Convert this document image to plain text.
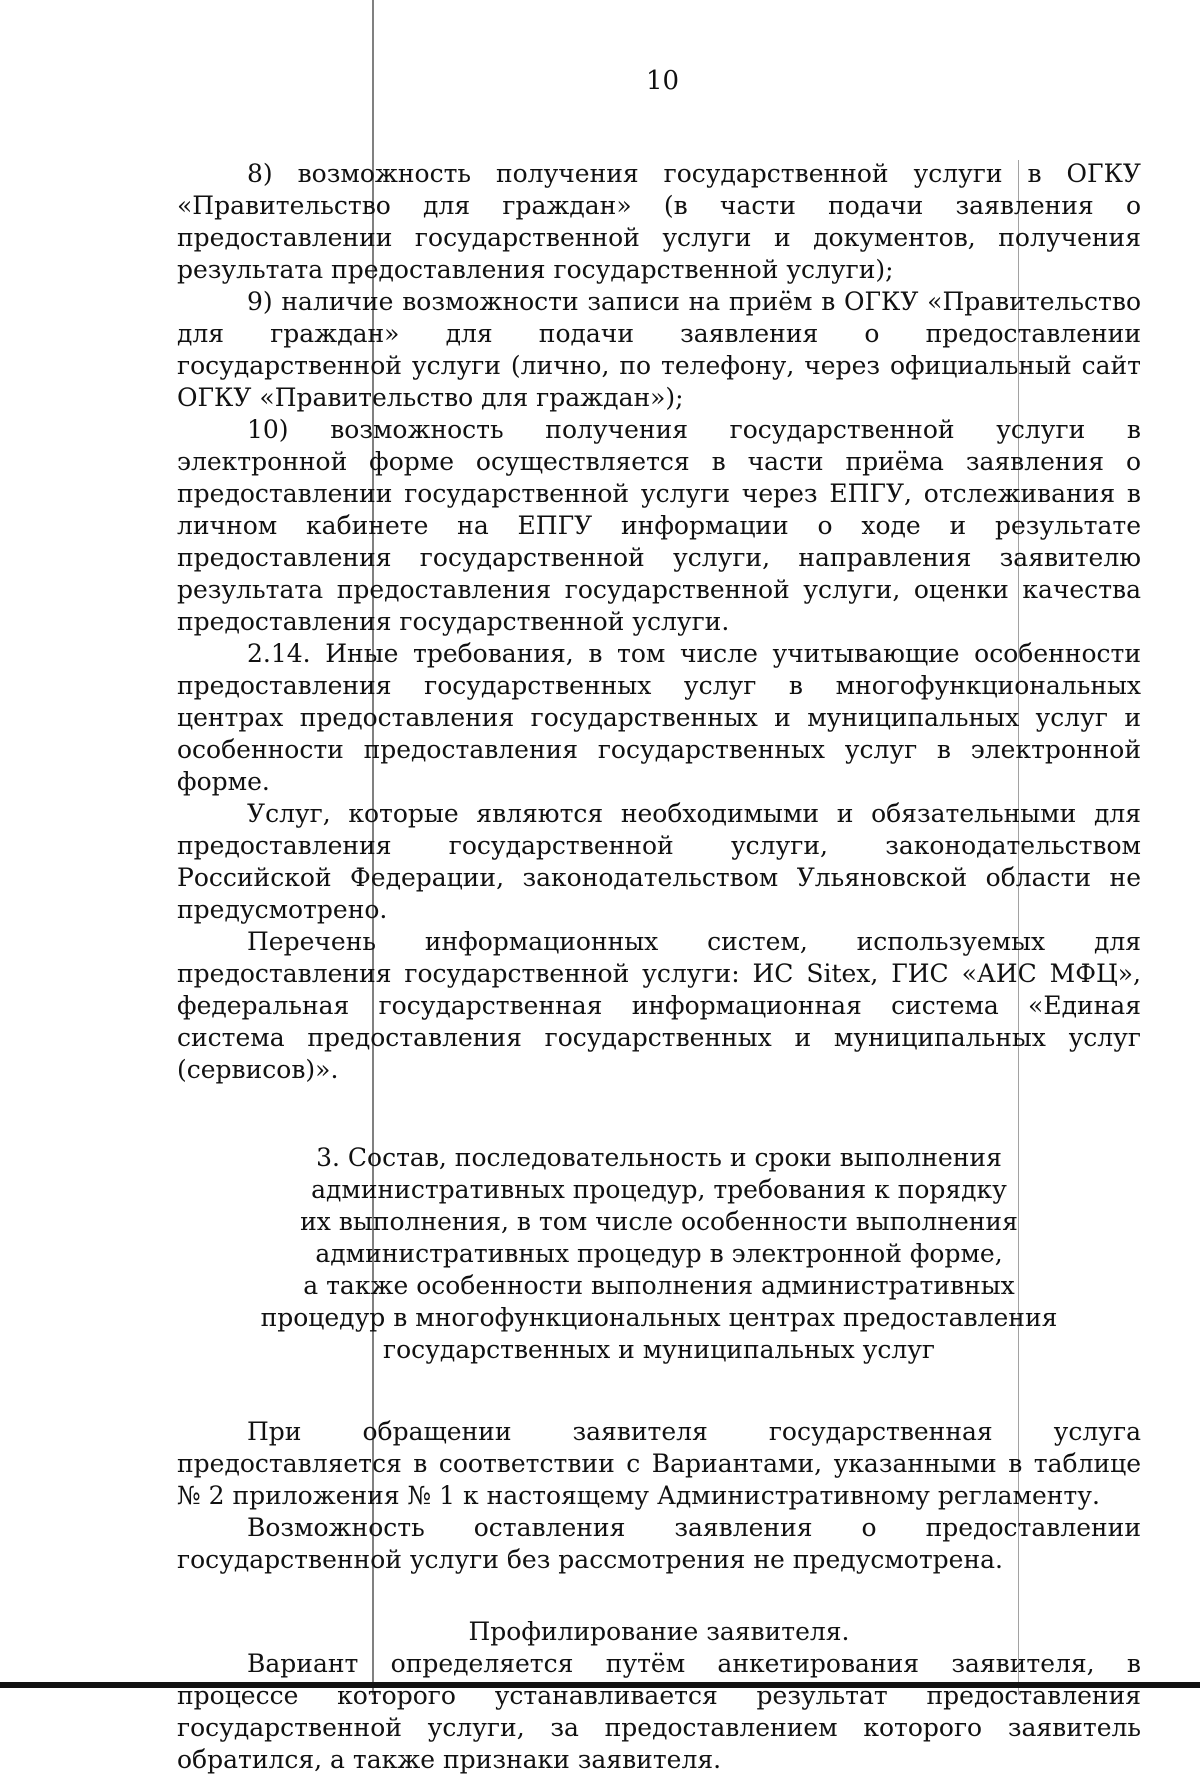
10

8) возможность получения государственной услуги в ОГКУ «Правительство для граждан» (в части подачи заявления о предоставлении государственной услуги и документов, получения результата предоставления государственной услуги);

9) наличие возможности записи на приём в ОГКУ «Правительство для граждан» для подачи заявления о предоставлении государственной услуги (лично, по телефону, через официальный сайт ОГКУ «Правительство для граждан»);

10) возможность получения государственной услуги в электронной форме осуществляется в части приёма заявления о предоставлении государственной услуги через ЕПГУ, отслеживания в личном кабинете на ЕПГУ информации о ходе и результате предоставления государственной услуги, направления заявителю результата предоставления государственной услуги, оценки качества предоставления государственной услуги.

2.14. Иные требования, в том числе учитывающие особенности предоставления государственных услуг в многофункциональных центрах предоставления государственных и муниципальных услуг и особенности предоставления государственных услуг в электронной форме.

Услуг, которые являются необходимыми и обязательными для предоставления государственной услуги, законодательством Российской Федерации, законодательством Ульяновской области не предусмотрено.

Перечень информационных систем, используемых для предоставления государственной услуги: ИС Sitex, ГИС «АИС МФЦ», федеральная государственная информационная система «Единая система предоставления государственных и муниципальных услуг (сервисов)».

3. Состав, последовательность и сроки выполнения

административных процедур, требования к порядку

их выполнения, в том числе особенности выполнения

административных процедур в электронной форме,

а также особенности выполнения административных

процедур в многофункциональных центрах предоставления

государственных и муниципальных услуг

При обращении заявителя государственная услуга предоставляется в соответствии с Вариантами, указанными в таблице № 2 приложения № 1 к настоящему Административному регламенту.

Возможность оставления заявления о предоставлении государственной услуги без рассмотрения не предусмотрена.

Профилирование заявителя.

Вариант определяется путём анкетирования заявителя, в процессе которого устанавливается результат предоставления государственной услуги, за предоставлением которого заявитель обратился, а также признаки заявителя.
